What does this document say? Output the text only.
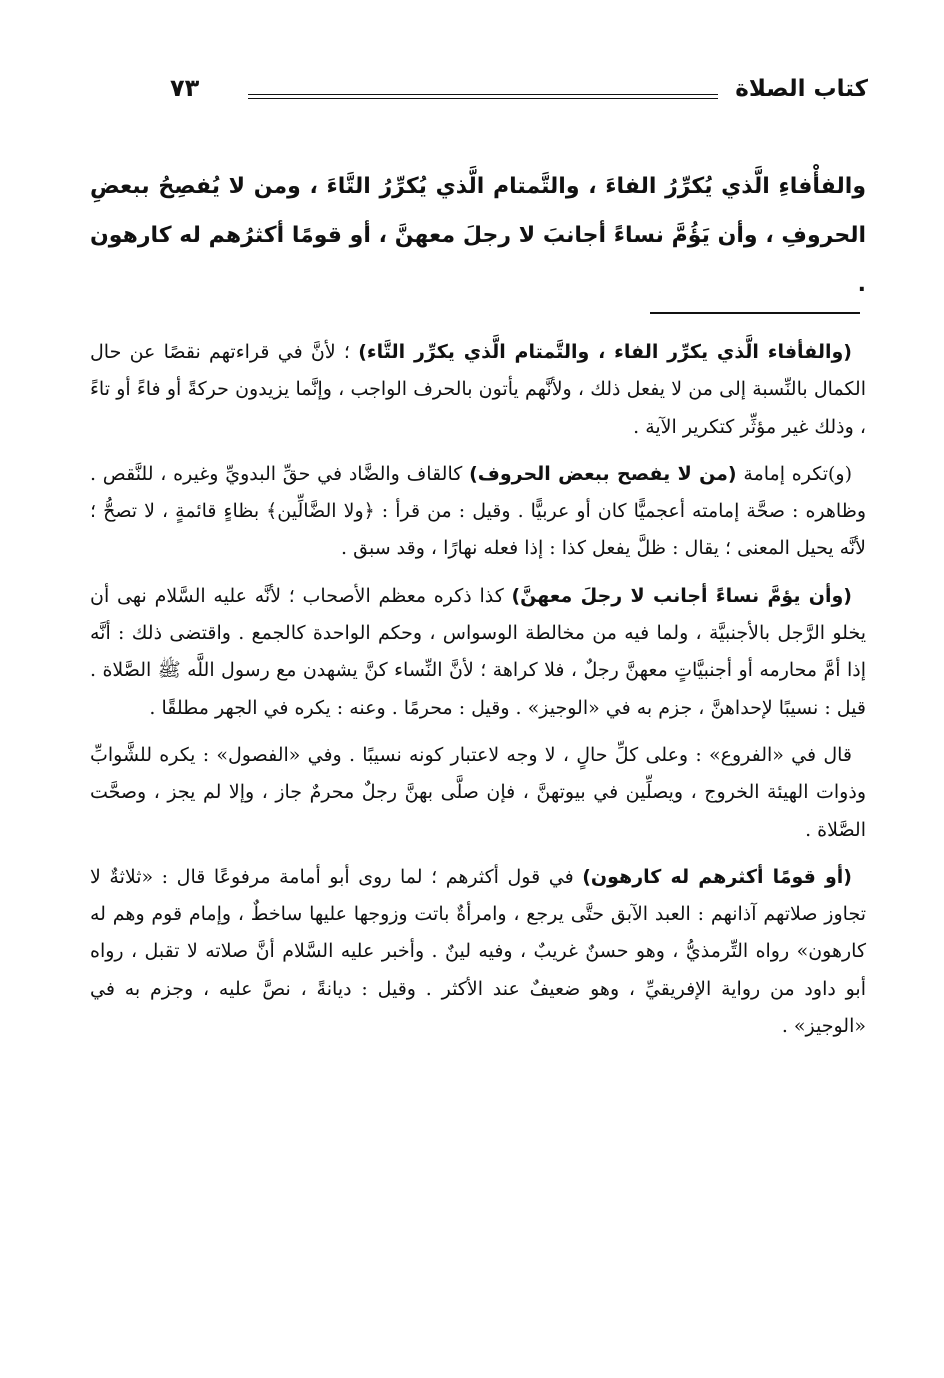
كتاب الصلاة
٧٣
والفأْفاءِ الَّذي يُكرِّرُ الفاءَ ، والتَّمتام الَّذي يُكرِّرُ التَّاءَ ، ومن لا يُفصِحُ ببعضِ الحروفِ ، وأن يَؤُمَّ نساءً أجانبَ لا رجلَ معهنَّ ، أو قومًا أكثرُهم له كارهون .

(والفأفاء الَّذي يكرِّر الفاء ، والتَّمتام الَّذي يكرِّر التَّاء) ؛ لأنَّ في قراءتهم نقصًا عن حال الكمال بالنِّسبة إلى من لا يفعل ذلك ، ولأنَّهم يأتون بالحرف الواجب ، وإنَّما يزيدون حركةً أو فاءً أو تاءً ، وذلك غير مؤثِّر كتكرير الآية .

(و)تكره إمامة (من لا يفصح ببعض الحروف) كالقاف والضَّاد في حقِّ البدويِّ وغيره ، للنَّقص . وظاهره : صحَّة إمامته أعجميًّا كان أو عربيًّا . وقيل : من قرأ : ﴿ولا الضَّالِّين﴾ بظاءٍ قائمةٍ ، لا تصحُّ ؛ لأنَّه يحيل المعنى ؛ يقال : ظلَّ يفعل كذا : إذا فعله نهارًا ، وقد سبق .

(وأن يؤمَّ نساءً أجانب لا رجلَ معهنَّ) كذا ذكره معظم الأصحاب ؛ لأنَّه عليه السَّلام نهى أن يخلو الرَّجل بالأجنبيَّة ، ولما فيه من مخالطة الوسواس ، وحكم الواحدة كالجمع . واقتضى ذلك : أنَّه إذا أمَّ محارمه أو أجنبيَّاتٍ معهنَّ رجلٌ ، فلا كراهة ؛ لأنَّ النِّساء كنَّ يشهدن مع رسول اللَّه ﷺ الصَّلاة . قيل : نسيبًا لإحداهنَّ ، جزم به في «الوجيز» . وقيل : محرمًا . وعنه : يكره في الجهر مطلقًا .

قال في «الفروع» : وعلى كلِّ حالٍ ، لا وجه لاعتبار كونه نسيبًا . وفي «الفصول» : يكره للشَّوابِّ وذوات الهيئة الخروج ، ويصلِّين في بيوتهنَّ ، فإن صلَّى بهنَّ رجلٌ محرمٌ جاز ، وإلا لم يجز ، وصحَّت الصَّلاة .

(أو قومًا أكثرهم له كارهون) في قول أكثرهم ؛ لما روى أبو أمامة مرفوعًا قال : «ثلاثةٌ لا تجاوز صلاتهم آذانهم : العبد الآبق حتَّى يرجع ، وامرأةٌ باتت وزوجها عليها ساخطٌ ، وإمام قوم وهم له كارهون» رواه التِّرمذيُّ ، وهو حسنٌ غريبٌ ، وفيه لينٌ . وأخبر عليه السَّلام أنَّ صلاته لا تقبل ، رواه أبو داود من رواية الإفريقيِّ ، وهو ضعيفٌ عند الأكثر . وقيل : ديانةً ، نصَّ عليه ، وجزم به في «الوجيز» .
